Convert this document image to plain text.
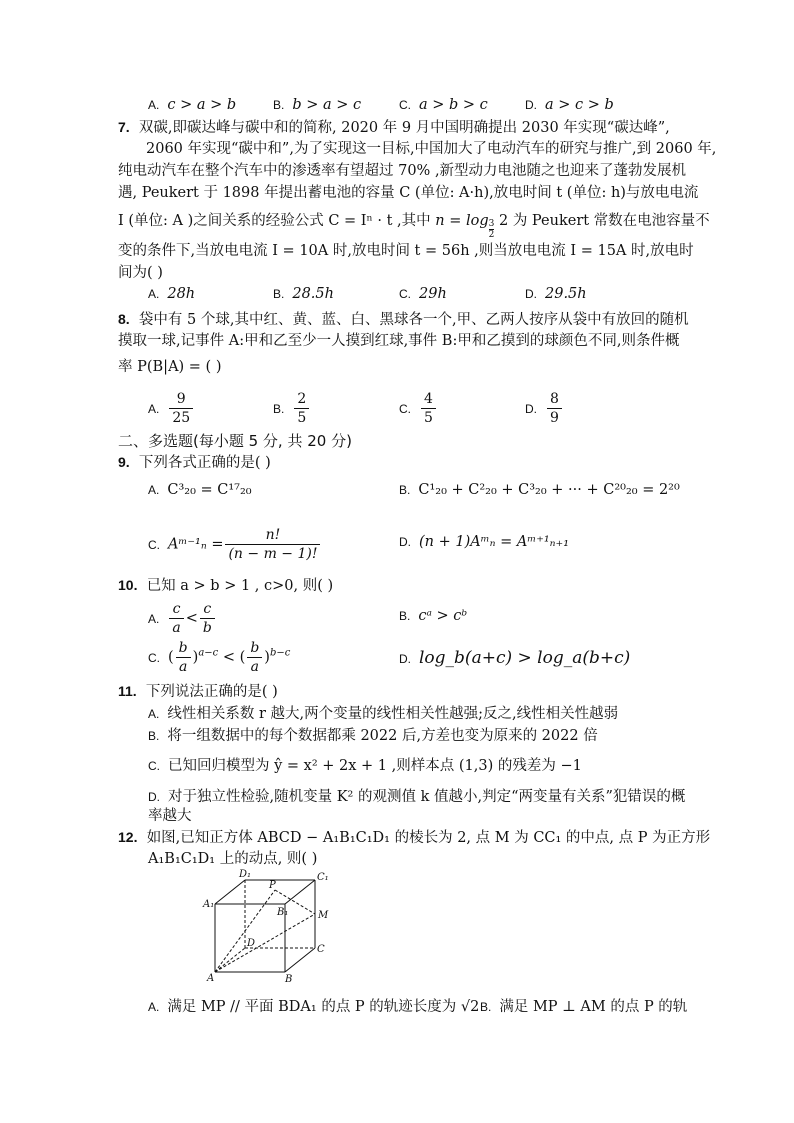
A. c > a > b	B. b > a > c	C. a > b > c	D. a > c > b
7. 双碳,即碳达峰与碳中和的简称, 2020 年 9 月中国明确提出 2030 年实现“碳达峰”,
2060 年实现“碳中和”,为了实现这一目标,中国加大了电动汽车的研究与推广,到 2060 年,
纯电动汽车在整个汽车中的渗透率有望超过 70% ,新型动力电池随之也迎来了蓬勃发展机
遇, Peukert 于 1898 年提出蓄电池的容量 C (单位: A·h),放电时间 t (单位: h)与放电电流
I (单位: A )之间关系的经验公式 C = Iⁿ · t ,其中 $n = \log \frac{3}{2} 2$ 为 Peukert 常数在电池容量不
变的条件下,当放电电流 I = 10A 时,放电时间 t = 56h ,则当放电电流 I = 15A 时,放电时
间为( )
A. 28h	B. 28.5h	C. 29h	D. 29.5h
8. 袋中有 5 个球,其中红、黄、蓝、白、黑球各一个,甲、乙两人按序从袋中有放回的随机
摸取一球,记事件 A:甲和乙至少一人摸到红球,事件 B:甲和乙摸到的球颜色不同,则条件概
率 P(B|A) = ( )
A. $\frac{9}{25}$	B. $\frac{2}{5}$	C. $\frac{4}{5}$	D. $\frac{8}{9}$
二、多选题(每小题 5 分, 共 20 分)
9. 下列各式正确的是( )
A. C³₂₀ = C¹⁷₂₀	B. C¹₂₀ + C²₂₀ + C³₂₀ + ··· + C²⁰₂₀ = 2²⁰
C. Aᵐ⁻¹ₙ = $\frac{n!}{(n - m - 1)!}$	D. (n + 1)Aᵐₙ = Aᵐ⁺¹ₙ₊₁
10. 已知 a > b > 1 , c>0, 则( )
A. $\frac{c}{a} < \frac{c}{b}$	B. cᵃ > cᵇ
C. ( $\frac{b}{a} )^{a-c}$ < ( $\frac{b}{a} )^{b-c}$	D. log_b(a+c) > log_a(b+c)
11. 下列说法正确的是( )
A. 线性相关系数 r 越大,两个变量的线性相关性越强;反之,线性相关性越弱
B. 将一组数据中的每个数据都乘 2022 后,方差也变为原来的 2022 倍
C. 已知回归模型为 ŷ = x² + 2x + 1 ,则样本点 (1,3) 的残差为 −1
D. 对于独立性检验,随机变量 K² 的观测值 k 值越小,判定“两变量有关系”犯错误的概
率越大
12. 如图,已知正方体 ABCD − A₁B₁C₁D₁ 的棱长为 2, 点 M 为 CC₁ 的中点, 点 P 为正方形
A₁B₁C₁D₁ 上的动点, 则( )
D₁	C₁
A₁
B₁
P
M
D
C
A	B
A. 满足 MP // 平面 BDA₁ 的点 P 的轨迹长度为 √2 B. 满足 MP ⊥ AM 的点 P 的轨
